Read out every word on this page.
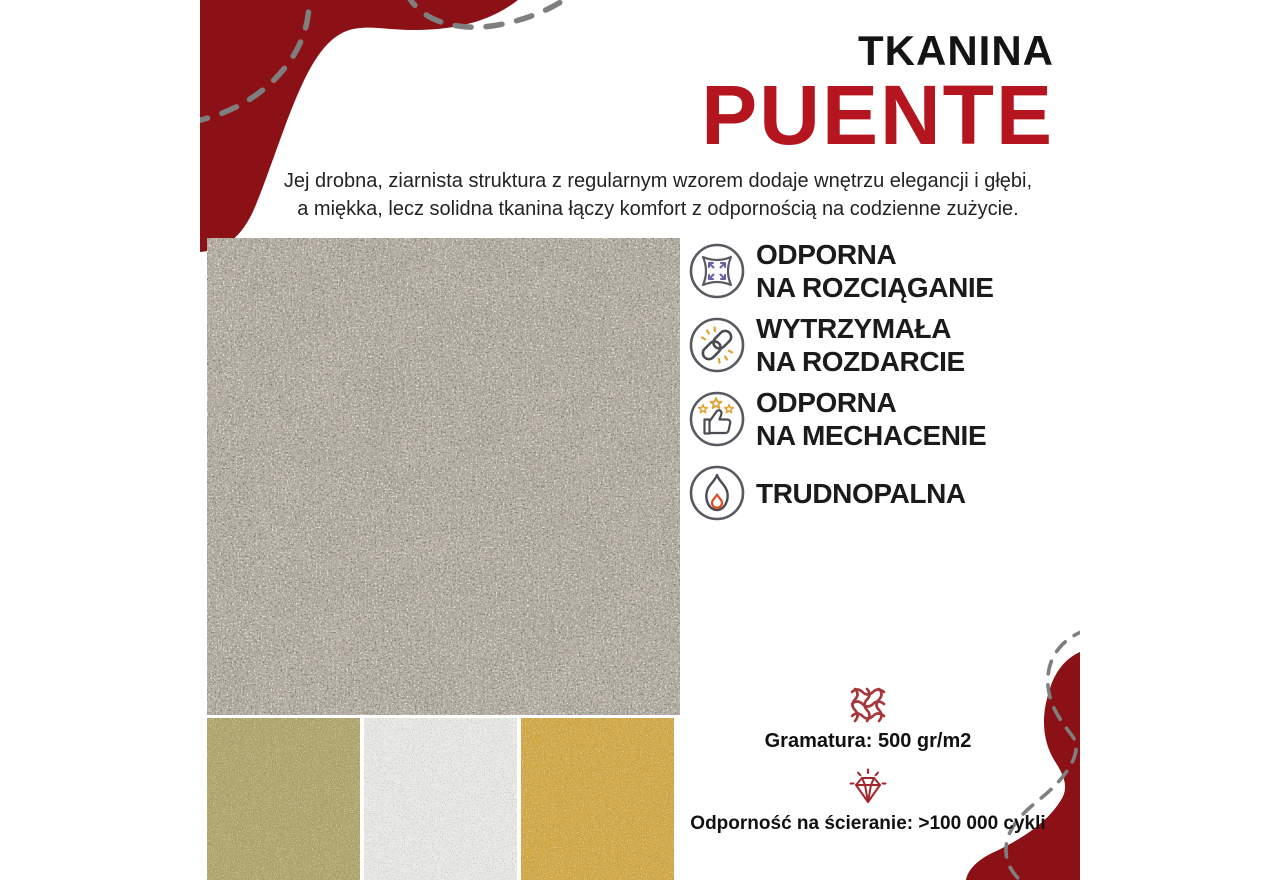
TKANINA
PUENTE
Jej drobna, ziarnista struktura z regularnym wzorem dodaje wnętrzu elegancji i głębi,
a miękka, lecz solidna tkanina łączy komfort z odpornością na codzienne zużycie.
ODPORNA
NA ROZCIĄGANIE
WYTRZYMAŁA
NA ROZDARCIE
ODPORNA
NA MECHACENIE
TRUDNOPALNA
Gramatura: 500 gr/m2
Odporność na ścieranie: >100 000 cykli
